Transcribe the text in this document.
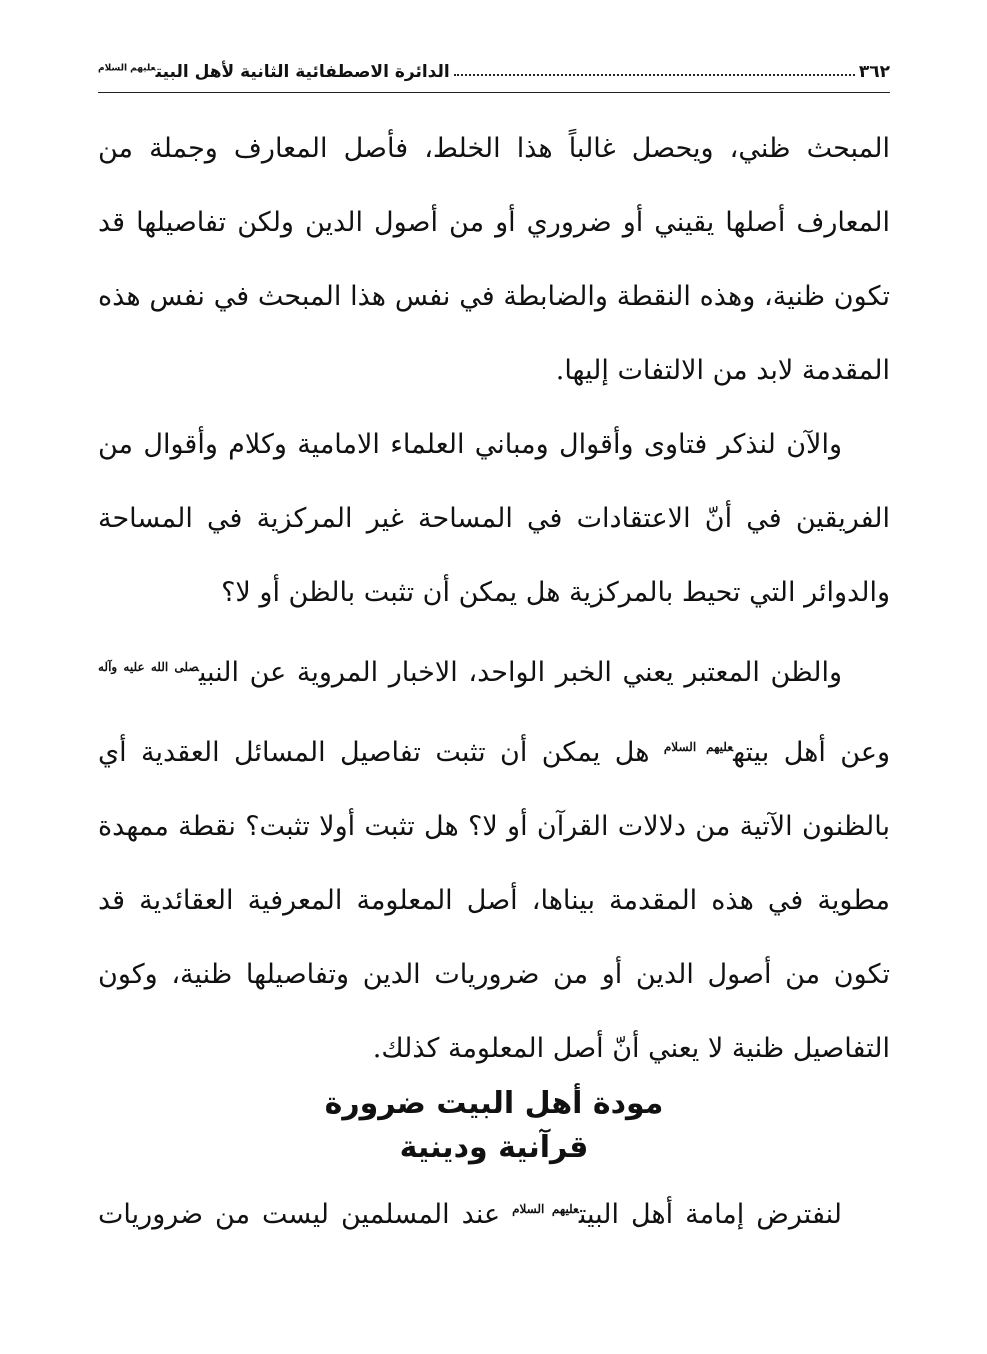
٣٦٢
الدائرة الاصطفائية الثانية لأهل البيت$^{عليهم السلام}$

المبحث ظني، ويحصل غالباً هذا الخلط، فأصل المعارف وجملة من المعارف أصلها يقيني أو ضروري أو من أصول الدين ولكن تفاصيلها قد تكون ظنية، وهذه النقطة والضابطة في نفس هذا المبحث في نفس هذه المقدمة لابد من الالتفات إليها.

والآن لنذكر فتاوى وأقوال ومباني العلماء الامامية وكلام وأقوال من الفريقين في أنّ الاعتقادات في المساحة غير المركزية في المساحة والدوائر التي تحيط بالمركزية هل يمكن أن تثبت بالظن أو لا؟

والظن المعتبر يعني الخبر الواحد، الاخبار المروية عن النبي$^{صلى الله عليه وآله}$ وعن أهل بيته$^{عليهم السلام}$ هل يمكن أن تثبت تفاصيل المسائل العقدية أي بالظنون الآتية من دلالات القرآن أو لا؟ هل تثبت أولا تثبت؟ نقطة ممهدة مطوية في هذه المقدمة بيناها، أصل المعلومة المعرفية العقائدية قد تكون من أصول الدين أو من ضروريات الدين وتفاصيلها ظنية، وكون التفاصيل ظنية لا يعني أنّ أصل المعلومة كذلك.

مودة أهل البيت ضرورة
قرآنية ودينية
لنفترض إمامة أهل البيت$^{عليهم السلام}$ عند المسلمين ليست من ضروريات
